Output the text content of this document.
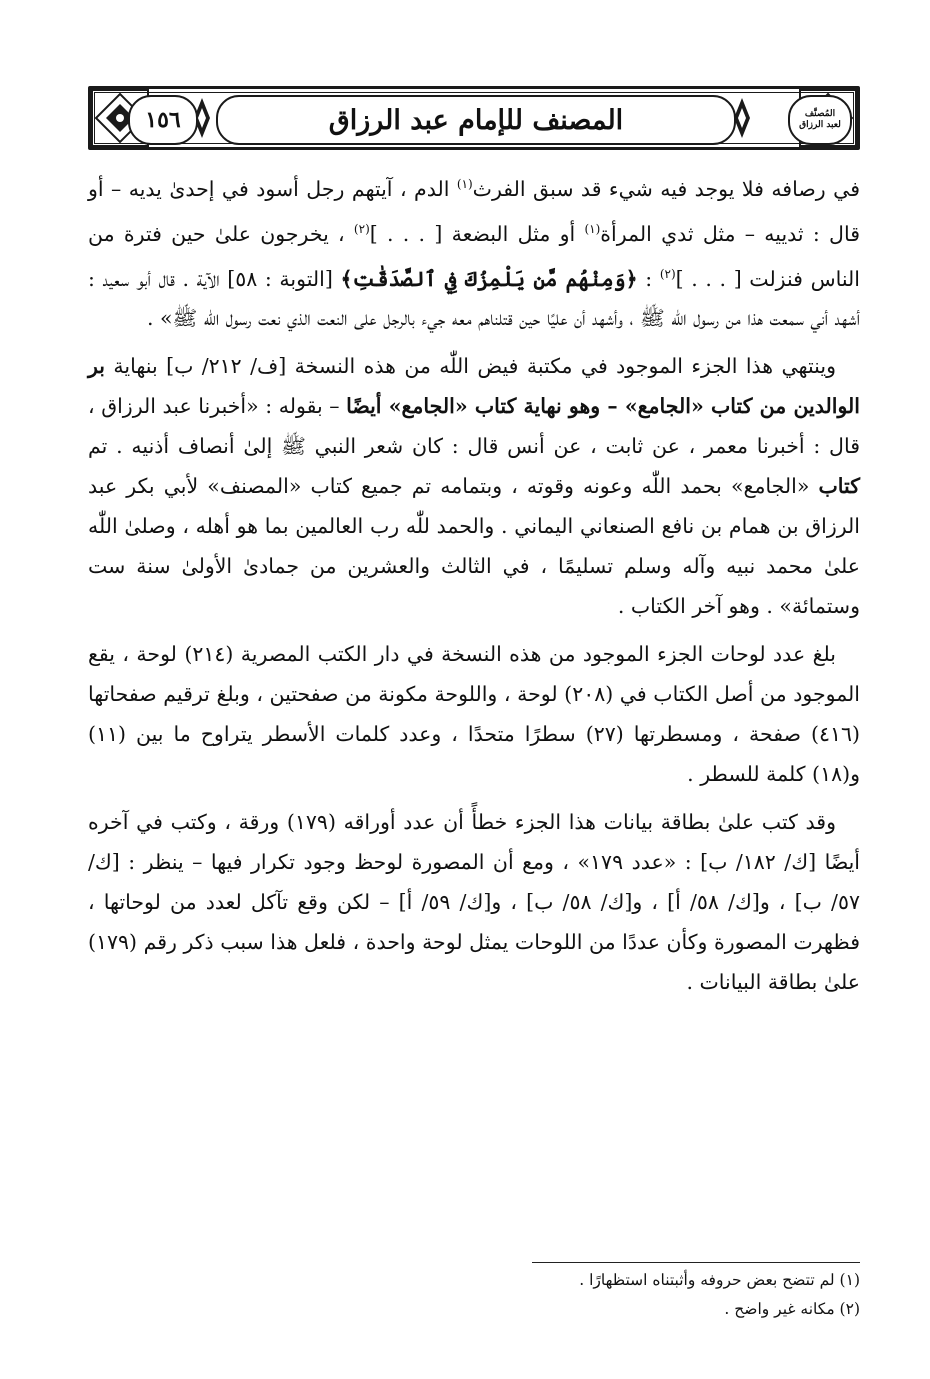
١٥٦	المصنف للإمام عبد الرزاق	المُصنَّف
لعبد الرزاق

في رصافه فلا يوجد فيه شيء قد سبق الفرث$^{(١)}$ الدم ، آيتهم رجل أسود في إحدىٰ يديه – أو قال : ثدييه – مثل ثدي المرأة$^{(١)}$ أو مثل البضعة [ . . . ]$^{(٢)}$ ، يخرجون علىٰ حين فترة من الناس فنزلت [ . . . ]$^{(٢)}$ : ﴿وَمِنْهُم مَّن يَلْمِزُكَ فِي ٱلصَّدَقَٰتِ﴾ [التوبة : ٥٨] الآية . قال أبو سعيد : أشهد أني سمعت هذا من رسول اللّٰه ﷺ ، وأشهد أن عليًا حين قتلناهم معه جيء بالرجل على النعت الذي نعت رسول اللّٰه ﷺ» .

وينتهي هذا الجزء الموجود في مكتبة فيض اللّٰه من هذه النسخة [ف/ ٢١٢/ ب] بنهاية بر الوالدين من كتاب «الجامع» – وهو نهاية كتاب «الجامع» أيضًا – بقوله : «أخبرنا عبد الرزاق ، قال : أخبرنا معمر ، عن ثابت ، عن أنس قال : كان شعر النبي ﷺ إلىٰ أنصاف أذنيه . تم كتاب «الجامع» بحمد اللّٰه وعونه وقوته ، وبتمامه تم جميع كتاب «المصنف» لأبي بكر عبد الرزاق بن همام بن نافع الصنعاني اليماني . والحمد للّٰه رب العالمين بما هو أهله ، وصلىٰ اللّٰه علىٰ محمد نبيه وآله وسلم تسليمًا ، في الثالث والعشرين من جمادىٰ الأولىٰ سنة ست وستمائة» . وهو آخر الكتاب .

بلغ عدد لوحات الجزء الموجود من هذه النسخة في دار الكتب المصرية (٢١٤) لوحة ، يقع الموجود من أصل الكتاب في (٢٠٨) لوحة ، واللوحة مكونة من صفحتين ، وبلغ ترقيم صفحاتها (٤١٦) صفحة ، ومسطرتها (٢٧) سطرًا متحدًا ، وعدد كلمات الأسطر يتراوح ما بين (١١) و(١٨) كلمة للسطر .

وقد كتب علىٰ بطاقة بيانات هذا الجزء خطأً أن عدد أوراقه (١٧٩) ورقة ، وكتب في آخره أيضًا [ك/ ١٨٢/ ب] : «عدد ١٧٩» ، ومع أن المصورة لوحظ وجود تكرار فيها – ينظر : [ك/ ٥٧/ ب] ، و[ك/ ٥٨/ أ] ، و[ك/ ٥٨/ ب] ، و[ك/ ٥٩/ أ] – لكن وقع تآكل لعدد من لوحاتها ، فظهرت المصورة وكأن عددًا من اللوحات يمثل لوحة واحدة ، فلعل هذا سبب ذكر رقم (١٧٩) علىٰ بطاقة البيانات .

(١) لم تتضح بعض حروفه وأثبتناه استظهارًا .
(٢) مكانه غير واضح .
